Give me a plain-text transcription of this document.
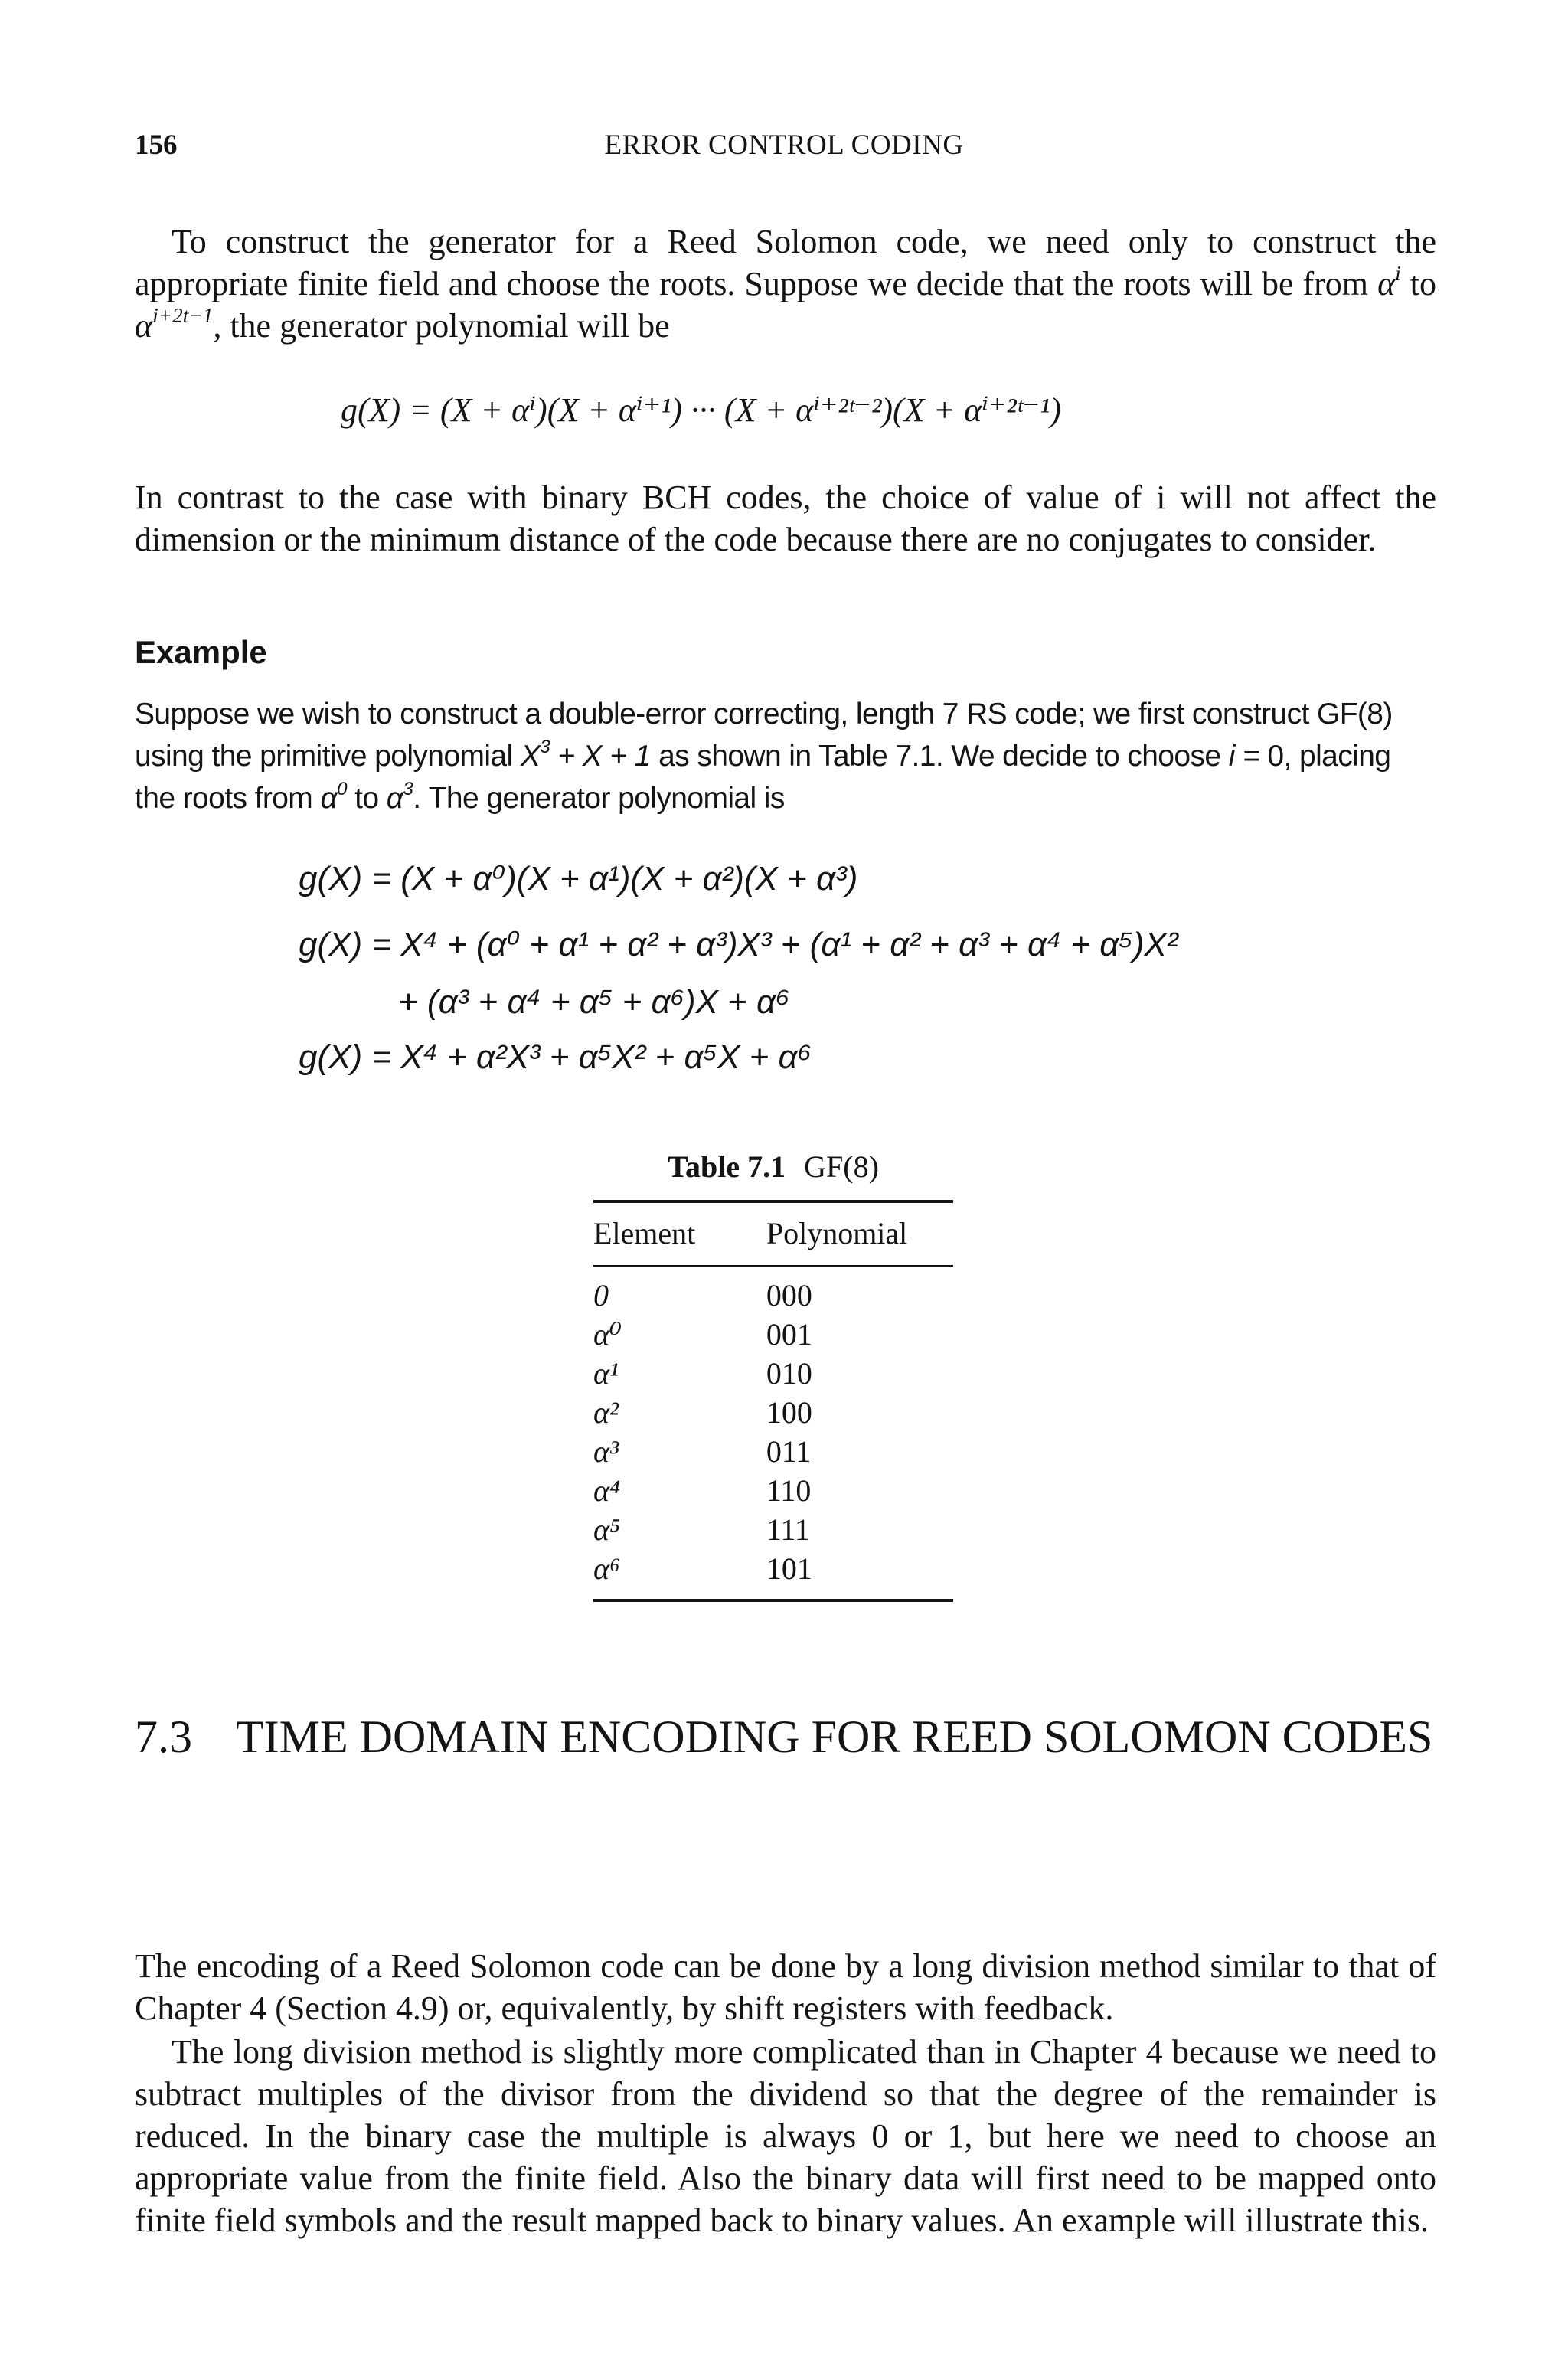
156	ERROR CONTROL CODING

To construct the generator for a Reed Solomon code, we need only to construct the appropriate finite field and choose the roots. Suppose we decide that the roots will be from $\alpha^i$ to $\alpha^{i+2t-1}$, the generator polynomial will be

g(X) = (X + αⁱ)(X + αⁱ⁺¹) ··· (X + αⁱ⁺²ᵗ⁻²)(X + αⁱ⁺²ᵗ⁻¹)

In contrast to the case with binary BCH codes, the choice of value of i will not affect the dimension or the minimum distance of the code because there are no conjugates to consider.

Example

Suppose we wish to construct a double-error correcting, length 7 RS code; we first construct GF(8) using the primitive polynomial $X^3 + X + 1$ as shown in Table 7.1. We decide to choose i = 0, placing the roots from $\alpha^0$ to $\alpha^3$. The generator polynomial is

g(X) = (X + α⁰)(X + α¹)(X + α²)(X + α³)
g(X) = X⁴ + (α⁰ + α¹ + α² + α³)X³ + (α¹ + α² + α³ + α⁴ + α⁵)X²
+ (α³ + α⁴ + α⁵ + α⁶)X + α⁶
g(X) = X⁴ + α²X³ + α⁵X² + α⁵X + α⁶
Table 7.1 GF(8)
Element	Polynomial

0	000
α⁰	001
α¹	010
α²	100
α³	011
α⁴	110
α⁵	111
α⁶	101

7.3 TIME DOMAIN ENCODING FOR REED SOLOMON CODES

The encoding of a Reed Solomon code can be done by a long division method similar to that of Chapter 4 (Section 4.9) or, equivalently, by shift registers with feedback.

The long division method is slightly more complicated than in Chapter 4 because we need to subtract multiples of the divisor from the dividend so that the degree of the remainder is reduced. In the binary case the multiple is always 0 or 1, but here we need to choose an appropriate value from the finite field. Also the binary data will first need to be mapped onto finite field symbols and the result mapped back to binary values. An example will illustrate this.
